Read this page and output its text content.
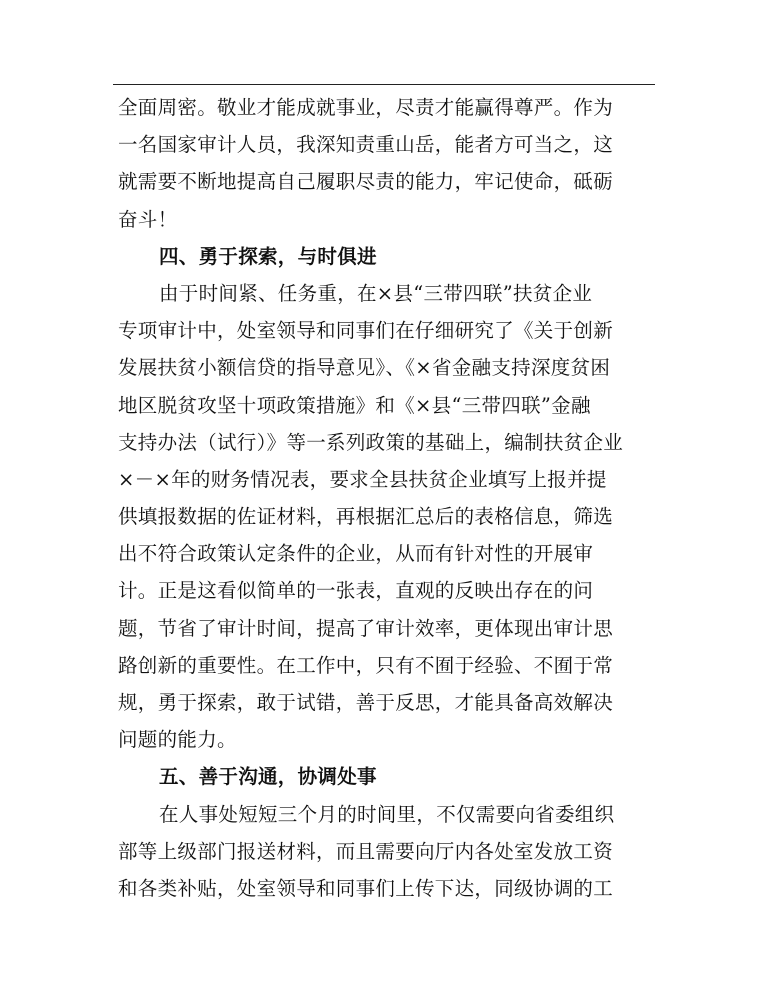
全面周密。敬业才能成就事业，尽责才能赢得尊严。作为
一名国家审计人员，我深知责重山岳，能者方可当之，这
就需要不断地提高自己履职尽责的能力，牢记使命，砥砺
奋斗！
四、勇于探索，与时俱进
由于时间紧、任务重，在×县“三带四联”扶贫企业
专项审计中，处室领导和同事们在仔细研究了《关于创新
发展扶贫小额信贷的指导意见》、《×省金融支持深度贫困
地区脱贫攻坚十项政策措施》和《×县“三带四联”金融
支持办法（试行）》等一系列政策的基础上，编制扶贫企业
×－×年的财务情况表，要求全县扶贫企业填写上报并提
供填报数据的佐证材料，再根据汇总后的表格信息，筛选
出不符合政策认定条件的企业，从而有针对性的开展审
计。正是这看似简单的一张表，直观的反映出存在的问
题，节省了审计时间，提高了审计效率，更体现出审计思
路创新的重要性。在工作中，只有不囿于经验、不囿于常
规，勇于探索，敢于试错，善于反思，才能具备高效解决
问题的能力。
五、善于沟通，协调处事
在人事处短短三个月的时间里，不仅需要向省委组织
部等上级部门报送材料，而且需要向厅内各处室发放工资
和各类补贴，处室领导和同事们上传下达，同级协调的工
